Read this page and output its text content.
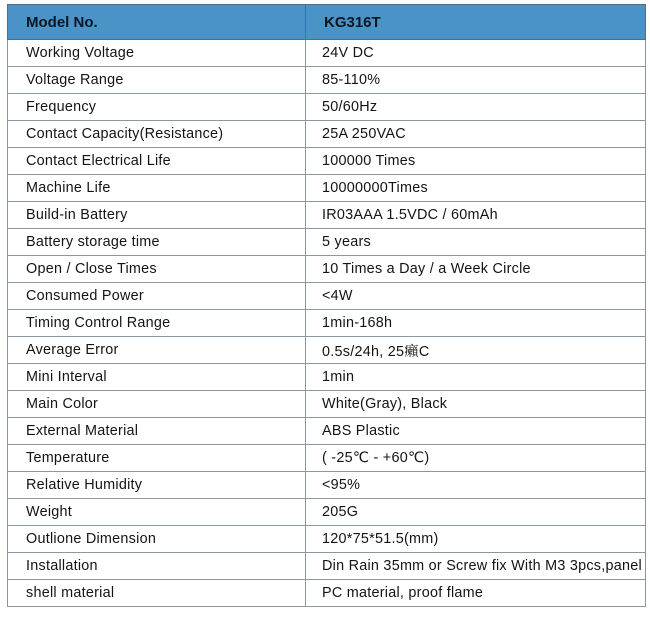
Model No.	KG316T
Working Voltage	24V DC
Voltage Range	85-110%
Frequency	50/60Hz
Contact Capacity(Resistance)	25A 250VAC
Contact Electrical Life	100000 Times
Machine Life	10000000Times
Build-in Battery	IR03AAA 1.5VDC / 60mAh
Battery storage time	5 years
Open / Close Times	10 Times a Day / a Week Circle
Consumed Power	<4W
Timing Control Range	1min-168h
Average Error	0.5s/24h, 25癩C
Mini Interval	1min
Main Color	White(Gray), Black
External Material	ABS Plastic
Temperature	( -25℃ - +60℃)
Relative Humidity	<95%
Weight	205G
Outlione Dimension	120*75*51.5(mm)
Installation	Din Rain 35mm or Screw fix With M3 3pcs,panel
shell material	PC material, proof flame
